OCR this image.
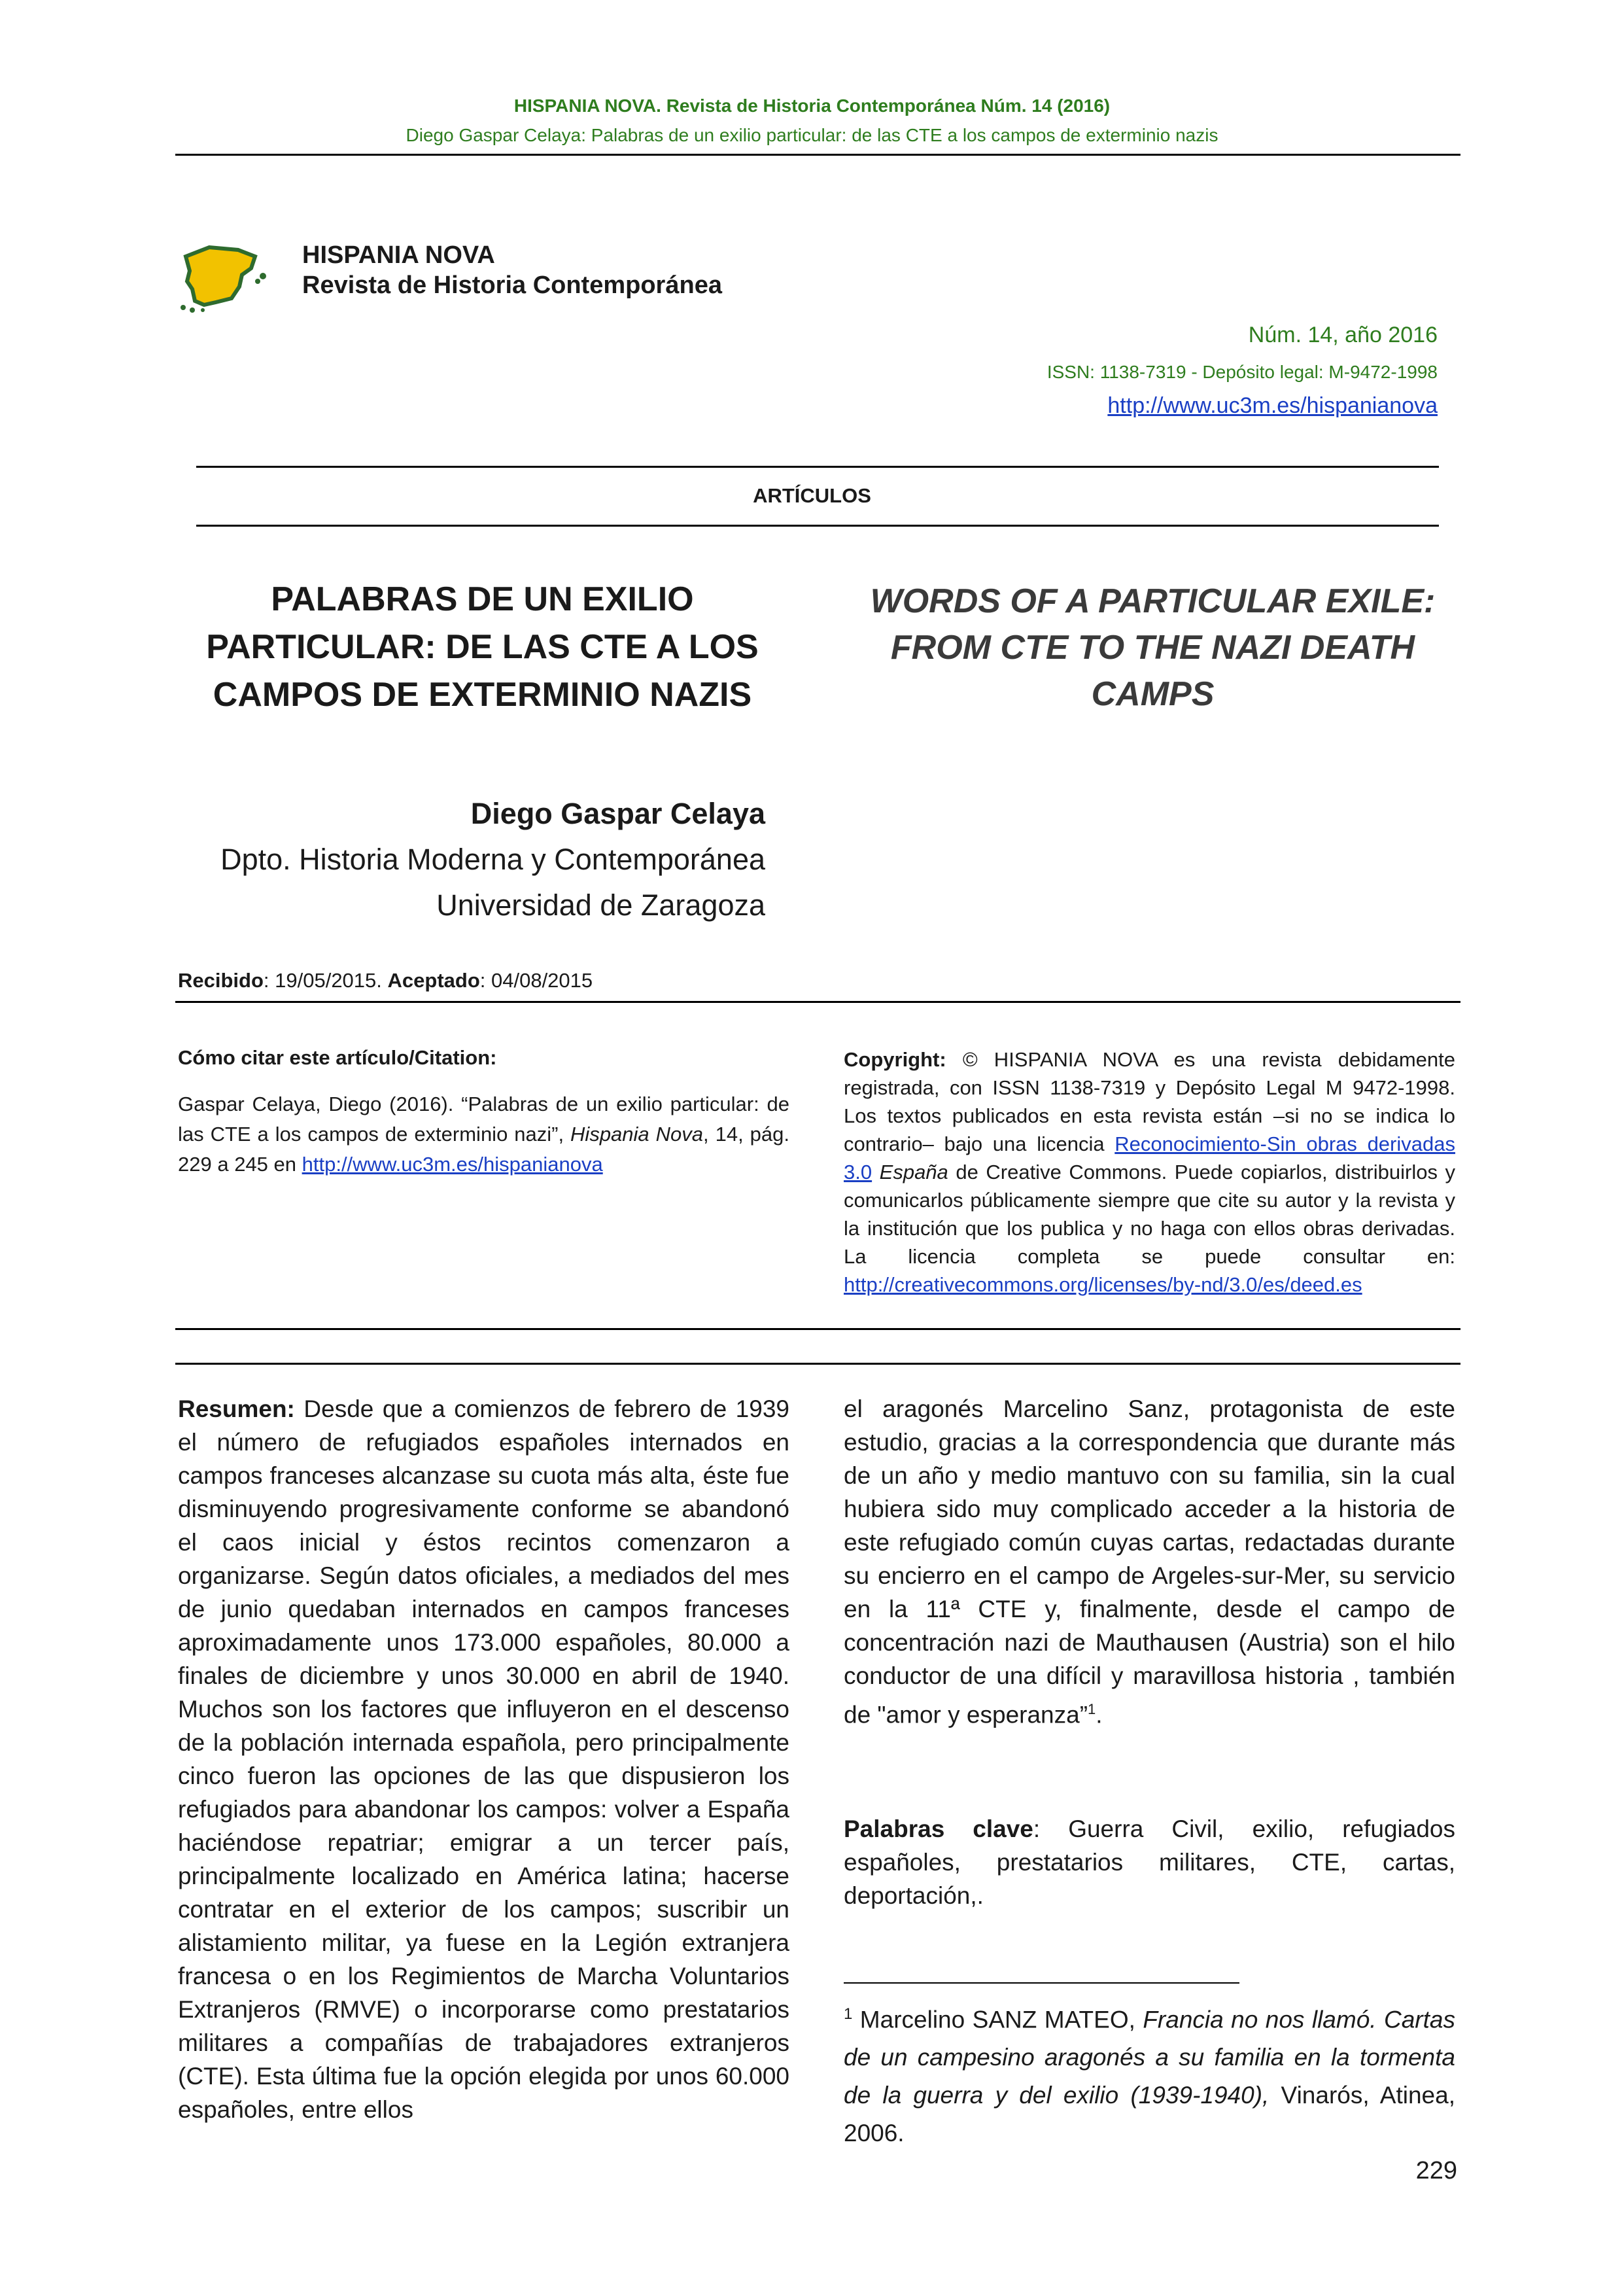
HISPANIA NOVA. Revista de Historia Contemporánea Núm. 14 (2016)
Diego Gaspar Celaya: Palabras de un exilio particular: de las CTE a los campos de exterminio nazis
HISPANIA NOVA
Revista de Historia Contemporánea
Núm. 14, año 2016
ISSN: 1138-7319 - Depósito legal: M-9472-1998
http://www.uc3m.es/hispanianova
ARTÍCULOS
PALABRAS DE UN EXILIO
PARTICULAR: DE LAS CTE A LOS
CAMPOS DE EXTERMINIO NAZIS
WORDS OF A PARTICULAR EXILE:
FROM CTE TO THE NAZI DEATH
CAMPS
Diego Gaspar Celaya
Dpto. Historia Moderna y Contemporánea
Universidad de Zaragoza
Recibido: 19/05/2015. Aceptado: 04/08/2015
Cómo citar este artículo/Citation:
Gaspar Celaya, Diego (2016). “Palabras de un exilio particular: de las CTE a los campos de exterminio nazi”, Hispania Nova, 14, pág. 229 a 245 en http://www.uc3m.es/hispanianova
Copyright: © HISPANIA NOVA es una revista debidamente registrada, con ISSN 1138-7319 y Depósito Legal M 9472-1998. Los textos publicados en esta revista están –si no se indica lo contrario– bajo una licencia Reconocimiento-Sin obras derivadas 3.0 España de Creative Commons. Puede copiarlos, distribuirlos y comunicarlos públicamente siempre que cite su autor y la revista y la institución que los publica y no haga con ellos obras derivadas. La licencia completa se puede consultar en: http://creativecommons.org/licenses/by-nd/3.0/es/deed.es
Resumen: Desde que a comienzos de febrero de 1939 el número de refugiados españoles internados en campos franceses alcanzase su cuota más alta, éste fue disminuyendo progresivamente conforme se abandonó el caos inicial y éstos recintos comenzaron a organizarse. Según datos oficiales, a mediados del mes de junio quedaban internados en campos franceses aproximadamente unos 173.000 españoles, 80.000 a finales de diciembre y unos 30.000 en abril de 1940. Muchos son los factores que influyeron en el descenso de la población internada española, pero principalmente cinco fueron las opciones de las que dispusieron los refugiados para abandonar los campos: volver a España haciéndose repatriar; emigrar a un tercer país, principalmente localizado en América latina; hacerse contratar en el exterior de los campos; suscribir un alistamiento militar, ya fuese en la Legión extranjera francesa o en los Regimientos de Marcha Voluntarios Extranjeros (RMVE) o incorporarse como prestatarios militares a compañías de trabajadores extranjeros (CTE). Esta última fue la opción elegida por unos 60.000 españoles, entre ellos
el aragonés Marcelino Sanz, protagonista de este estudio, gracias a la correspondencia que durante más de un año y medio mantuvo con su familia, sin la cual hubiera sido muy complicado acceder a la historia de este refugiado común cuyas cartas, redactadas durante su encierro en el campo de Argeles-sur-Mer, su servicio en la 11ª CTE y, finalmente, desde el campo de concentración nazi de Mauthausen (Austria) son el hilo conductor de una difícil y maravillosa historia , también de "amor y esperanza”$^1$.
Palabras clave: Guerra Civil, exilio, refugiados españoles, prestatarios militares, CTE, cartas, deportación,.
$^1$ Marcelino SANZ MATEO, Francia no nos llamó. Cartas de un campesino aragonés a su familia en la tormenta de la guerra y del exilio (1939-1940), Vinarós, Atinea, 2006.
229
